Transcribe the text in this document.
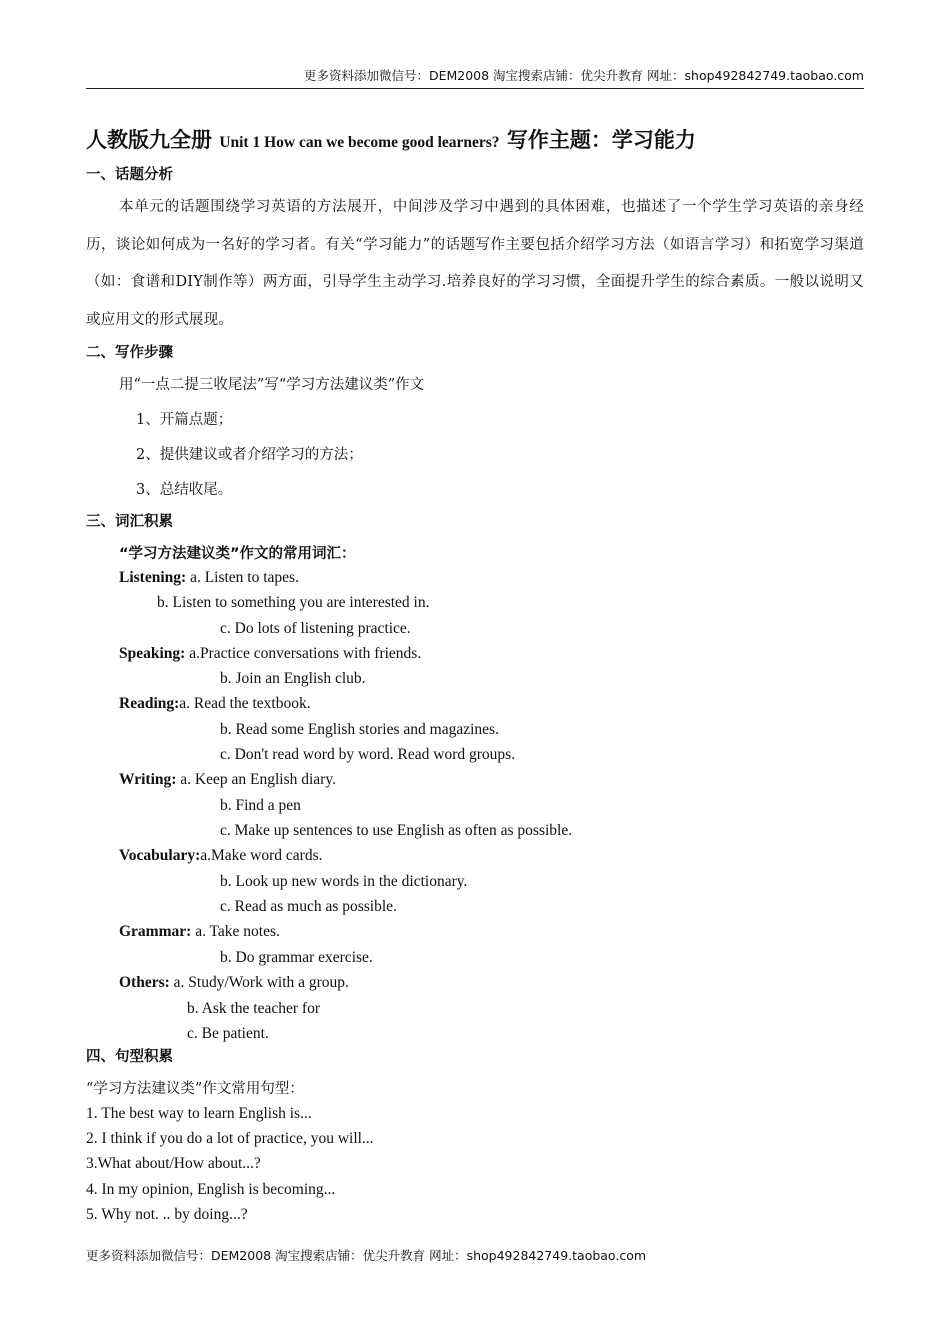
更多资料添加微信号：DEM2008 淘宝搜索店铺：优尖升教育 网址：shop492842749.taobao.com
人教版九全册 Unit 1 How can we become good learners? 写作主题：学习能力
一、话题分析
本单元的话题围绕学习英语的方法展开，中间涉及学习中遇到的具体困难，也描述了一个学生学习英语的亲身经历，谈论如何成为一名好的学习者。有关“学习能力”的话题写作主要包括介绍学习方法（如语言学习）和拓宽学习渠道（如：食谱和DIY制作等）两方面，引导学生主动学习.培养良好的学习习惯，全面提升学生的综合素质。一般以说明又或应用文的形式展现。
二、写作步骤
用“一点二提三收尾法”写“学习方法建议类”作文
1、开篇点题；
2、提供建议或者介绍学习的方法；
3、总结收尾。
三、词汇积累
“学习方法建议类”作文的常用词汇：
Listening: a. Listen to tapes.
b. Listen to something you are interested in.
c. Do lots of listening practice.
Speaking: a.Practice conversations with friends.
b. Join an English club.
Reading:a. Read the textbook.
b. Read some English stories and magazines.
c. Don't read word by word. Read word groups.
Writing: a. Keep an English diary.
b. Find a pen
c. Make up sentences to use English as often as possible.
Vocabulary:a.Make word cards.
b. Look up new words in the dictionary.
c. Read as much as possible.
Grammar: a. Take notes.
b. Do grammar exercise.
Others: a. Study/Work with a group.
b. Ask the teacher for
c. Be patient.
四、句型积累
“学习方法建议类”作文常用句型：
1. The best way to learn English is...
2. I think if you do a lot of practice, you will...
3.What about/How about...?
4. In my opinion, English is becoming...
5. Why not. .. by doing...?
更多资料添加微信号：DEM2008 淘宝搜索店铺：优尖升教育 网址：shop492842749.taobao.com
